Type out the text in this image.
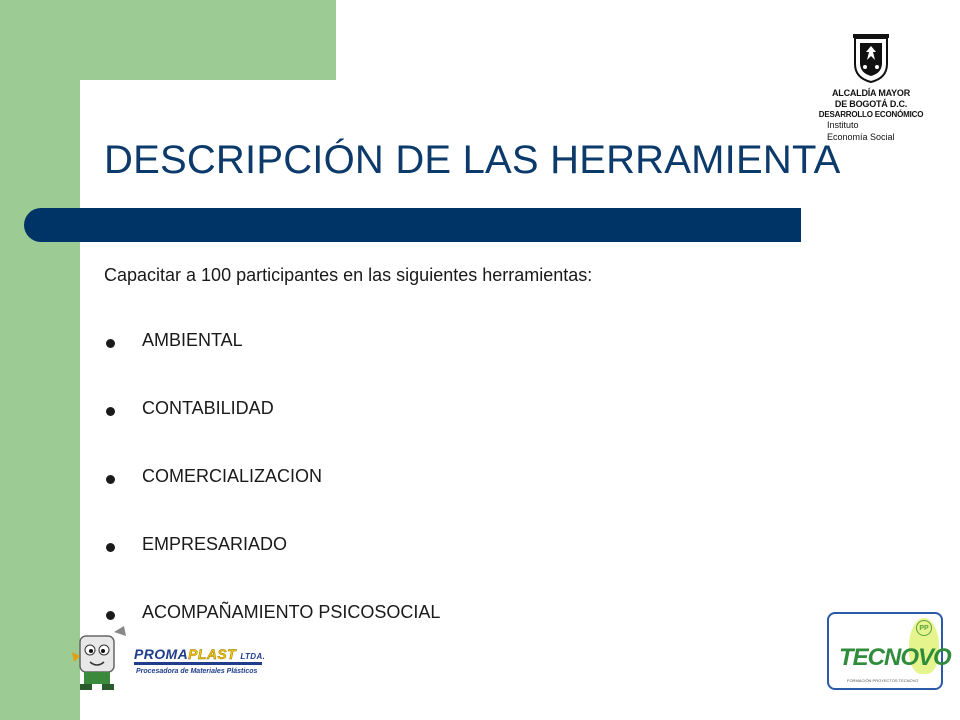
DESCRIPCIÓN DE LAS HERRAMIENTA
Capacitar a 100 participantes en las siguientes herramientas:
AMBIENTAL
CONTABILIDAD
COMERCIALIZACION
EMPRESARIADO
ACOMPAÑAMIENTO PSICOSOCIAL
ALCALDÍA MAYOR
DE BOGOTÁ D.C.
DESARROLLO ECONÓMICO
Instituto
Economía Social
PROMAPLAST LTDA.
Procesadora de Materiales Plásticos
PP
TECNOVO
FORMACIÓN PROYECTOS TECNOVO
